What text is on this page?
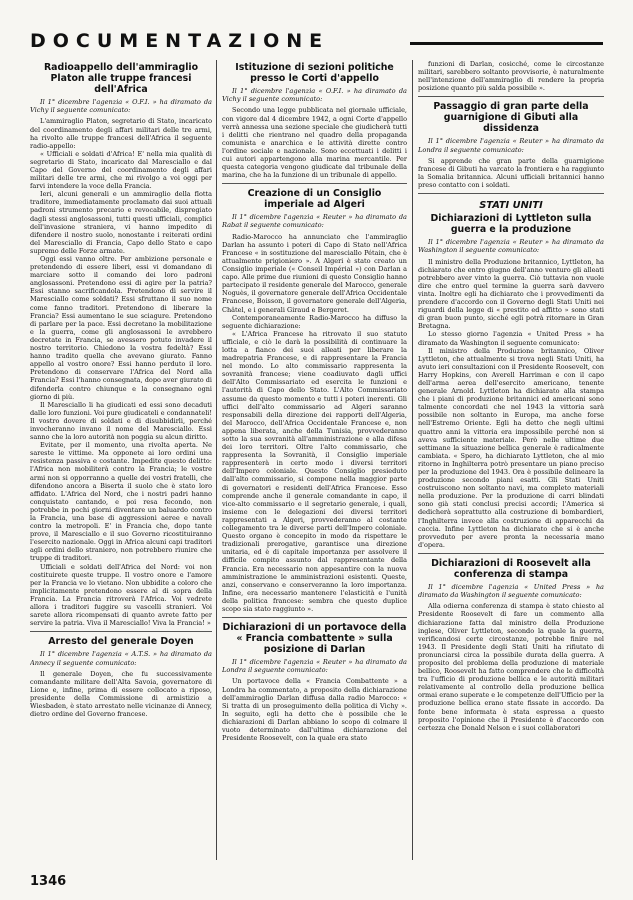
DOCUMENTAZIONE
Radioappello dell'ammiraglio Platon alle truppe francesi dell'Africa
Il 1° dicembre l'agenzia « O.F.I. » ha diramato da Vichy il seguente comunicato:

L'ammiraglio Platon, segretario di Stato, incaricato del coordinamento degli affari militari delle tre armi, ha rivolto alle truppe francesi dell'Africa il seguente radio-appello:

« Ufficiali e soldati d'Africa! E' nella mia qualità di segretario di Stato, incaricato dal Maresciallo e dal Capo del Governo del coordinamento degli affari militari delle tre armi, che mi rivolgo a voi oggi per farvi intendere la voce della Francia.

Ieri, alcuni generali e un ammiraglio della flotta traditore, immediatamente proclamato dai suoi attuali padroni strumento precario e revocabile, dispregiato dagli stessi anglosassoni, tutti questi ufficiali, complici dell'invasione straniera, vi hanno impedito di difendere il nostro suolo, nonostante i reiterati ordini del Maresciallo di Francia, Capo dello Stato e capo supremo delle Forze armate.

Oggi essi vanno oltre. Per ambizione personale e pretendendo di essere liberi, essi vi domandano di marciare sotto il comando dei loro padroni anglosassoni. Pretendono essi di agire per la patria? Essi stanno sacrificandola. Pretendono di servire il Maresciallo come soldati? Essi sfruttano il suo nome come fanno traditori. Pretendono di liberare la Francia? Essi aumentano le sue sciagure. Pretendono di parlare per la pace. Essi decretano la mobilitazione e la guerra, come gli anglosassoni le avrebbero decretate in Francia, se avessero potuto invadere il nostro territorio. Chiedono la vostra fedeltà? Essi hanno tradito quella che avevano giurato. Fanno appello al vostro onore? Essi hanno perduto il loro. Pretendono di conservare l'Africa del Nord alla Francia? Essi l'hanno consegnata, dopo aver giurato di difenderla contro chiunque e la consegnano ogni giorno di più.

Il Maresciallo li ha giudicati ed essi sono decaduti dalle loro funzioni. Voi pure giudicateli e condannateli! Il vostro dovere di soldati e di disubbidirli, perché invocheranno invano il nome del Maresciallo. Essi sanno che la loro autorità non poggia su alcun diritto.

Evitate, per il momento, una rivolta aperta. Ne sareste le vittime. Ma opponete ai loro ordini una resistenza passiva e costante. Impedite questo delitto: l'Africa non mobiliterà contro la Francia; le vostre armi non si opporranno a quelle dei vostri fratelli, che difendono ancora a Biserta il suolo che è stato loro affidato. L'Africa del Nord, che i nostri padri hanno conquistato cantando, e poi resa fecondo, non potrebbe in pochi giorni diventare un baluardo contro la Francia, una base di aggressioni aeree e navali contro la metropoli. E' in Francia che, dopo tante prove, il Maresciallo e il suo Governo ricostituiranno l'esercito nazionale. Oggi in Africa alcuni capi traditori agli ordini dello straniero, non potrebbero riunire che truppe di traditori.

Ufficiali e soldati dell'Africa del Nord: voi non costituirete queste truppe. Il vostro onore e l'amore per la Francia ve lo vietano. Non ubbidite a coloro che implicitamente pretendono essere al di sopra della Francia. La Francia ritroverà l'Africa. Voi vedrete allora i traditori fuggire su vascelli stranieri. Voi sarete allora ricompensati di quanto avrete fatto per servire la patria. Viva il Maresciallo! Viva la Francia! »

Arresto del generale Doyen
Il 1° dicembre l'agenzia « A.T.S. » ha diramato da Annecy il seguente comunicato:

Il generale Doyen, che fu successivamente comandante militare dell'Alta Savoia, governatore di Lione e, infine, prima di essere collocato a riposo, presidente della Commissione di armistizio a Wiesbaden, è stato arrestato nelle vicinanze di Annecy, dietro ordine del Governo francese.

Istituzione di sezioni politiche presso le Corti d'appello
Il 1° dicembre l'agenzia « O.F.I. » ha diramato da Vichy il seguente comunicato:

Secondo una legge pubblicata nel giornale ufficiale, con vigore dal 4 dicembre 1942, a ogni Corte d'appello verrà annessa una sezione speciale che giudicherà tutti i delitti che rientrano nel quadro della propaganda comunista e anarchica e le attività dirette contro l'ordine sociale e nazionale. Sono eccettuati i delitti i cui autori appartengono alla marina mercantile. Per questa categoria vengono giudicate dal tribunale della marina, che ha la funzione di un tribunale di appello.

Creazione di un Consiglio imperiale ad Algeri
Il 1° dicembre l'agenzia « Reuter » ha diramato da Rabat il seguente comunicato:

Radio-Marocco ha annunciato che l'ammiraglio Darlan ha assunto i poteri di Capo di Stato nell'Africa Francese « in sostituzione del maresciallo Pétain, che è attualmente prigioniero ». A Algeri è stato creato un Consiglio imperiale (« Conseil Impérial ») con Darlan a capo. Alle prime due riunioni di questo Consiglio hanno partecipato il residente generale del Marocco, generale Noguès, il governatore generale dell'Africa Occidentale Francese, Boisson, il governatore generale dell'Algeria, Châtel, e i generali Giraud e Bergeret.

Contemporaneamente Radio-Marocco ha diffuso la seguente dichiarazione:

« L'Africa Francese ha ritrovato il suo statuto ufficiale, e ciò le darà la possibilità di continuare la lotta a fianco dei suoi alleati per liberare la madrepatria Francese, e di rappresentare la Francia nel mondo. Lo alto commissario rappresenta la sovranità francese; viene coadiuvato dagli uffici dell'Alto Commissariato ed esercita le funzioni e l'autorità di Capo dello Stato. L'Alto Commissariato assume da questo momento e tutti i poteri inerenti. Gli uffici dell'alto commissario ad Algeri saranno responsabili della direzione dei rapporti dell'Algeria, del Marocco, dell'Africa Occidentale Francese e, non appena liberata, anche della Tunisia, provvederanno sotto la sua sovranità all'amministrazione e alla difesa dei loro territori. Oltre l'alto commissario, che rappresenta la Sovranità, il Consiglio imperiale rappresenterà in certo modo i diversi territori dell'Impero coloniale. Questo Consiglio presieduto dall'alto commissario, si compone nella maggior parte di governatori e residenti dell'Africa Francese. Esso comprende anche il generale comandante in capo, il vice-alto commissario e il segretario generale, i quali, insieme con le delegazioni dei diversi territori rappresentati a Algeri, provvederanno al costante collegamento tra le diverse parti dell'Impero coloniale. Questo organo è concepito in modo da rispettare le tradizionali prerogative, garantisce una direzione unitaria, ed è di capitale importanza per assolvere il difficile compito assunto dal rappresentante della Francia. Era necessario non appesantire con la nuova amministrazione le amministrazioni esistenti. Queste, anzi, conservano e conserveranno la loro importanza. Infine, era necessario mantenere l'elasticità e l'unità della politica francese: sembra che questo duplice scopo sia stato raggiunto ».

Dichiarazioni di un portavoce della « Francia combattente » sulla posizione di Darlan
Il 1° dicembre l'agenzia « Reuter » ha diramato da Londra il seguente comunicato:

Un portavoce della « Francia Combattente » a Londra ha commentato, a proposito della dichiarazione dell'ammiraglio Darlan diffusa dalla radio Marocco: « Si tratta di un proseguimento della politica di Vichy ». In seguito, egli ha detto che è possibile che le dichiarazioni di Darlan abbiano lo scopo di colmare il vuoto determinato dall'ultima dichiarazione del Presidente Roosevelt, con la quale era stato

funzioni di Darlan, cosicché, come le circostanze militari, sarebbero soltanto provvisorie, è naturalmente nell'intenzione dell'ammiraglio di rendere la propria posizione quanto più salda possibile ».

Passaggio di gran parte della guarnigione di Gibuti alla dissidenza
Il 1° dicembre l'agenzia « Reuter » ha diramato da Londra il seguente comunicato:

Si apprende che gran parte della guarnigione francese di Gibuti ha varcato la frontiera e ha raggiunto la Somalia britannica. Alcuni ufficiali britannici hanno preso contatto con i soldati.

STATI UNITI
Dichiarazioni di Lyttleton sulla guerra e la produzione
Il 1° dicembre l'agenzia « Reuter » ha diramato da Washington il seguente comunicato:

Il ministro della Produzione britannico, Lyttleton, ha dichiarato che entro giugno dell'anno venturo gli alleati potrebbero aver vinto la guerra. Ciò tuttavia non vuole dire che entro quel termine la guerra sarà davvero vinta. Inoltre egli ha dichiarato che i provvedimenti da prendere d'accordo con il Governo degli Stati Uniti nei riguardi della legge di « prestito ed affitto » sono stati di gran buon punto, sicché egli potrà ritornare in Gran Bretagna.

Lo stesso giorno l'agenzia « United Press » ha diramato da Washington il seguente comunicato:

Il ministro della Produzione britannico, Oliver Lyttleton, che attualmente si trova negli Stati Uniti, ha avuto ieri consultazioni con il Presidente Roosevelt, con Harry Hopkins, con Averell Harriman e con il capo dell'arma aerea dell'esercito americano, tenente generale Arnold. Lyttleton ha dichiarato alla stampa che i piani di produzione britannici ed americani sono talmente concordati che nel 1943 la vittoria sarà possibile non soltanto in Europa, ma anche forse nell'Estremo Oriente. Egli ha detto che negli ultimi quattro anni la vittoria era impossibile perché non si aveva sufficiente materiale. Però nelle ultime due settimane la situazione bellica generale è radicalmente cambiata. « Spero, ha dichiarato Lyttleton, che al mio ritorno in Inghilterra potrò presentare un piano preciso per la produzione del 1943. Ora è possibile delineare la produzione secondo piani esatti. Gli Stati Uniti costruiscono non soltanto navi, ma completo materiali nella produzione. Per la produzione di carri blindati sono già stati conclusi precisi accordi; l'America si dedicherà soprattutto alla costruzione di bombardieri, l'Inghilterra invece alla costruzione di apparecchi da caccia. Infine Lyttleton ha dichiarato che si è anche provveduto per avere pronta la necessaria mano d'opera.

Dichiarazioni di Roosevelt alla conferenza di stampa
Il 1° dicembre l'agenzia « United Press » ha diramato da Washington il seguente comunicato:

Alla odierna conferenza di stampa è stato chiesto al Presidente Roosevelt di fare un commento alla dichiarazione fatta dal ministro della Produzione inglese, Oliver Lyttleton, secondo la quale la guerra, verificandosi certe circostanze, potrebbe finire nel 1943. Il Presidente degli Stati Uniti ha rifiutato di pronunciarsi circa la possibile durata della guerra. A proposito del problema della produzione di materiale bellico, Roosevelt ha fatto comprendere che le difficoltà tra l'ufficio di produzione bellica e le autorità militari relativamente al controllo della produzione bellica ormai erano superate e le competenze dell'Ufficio per la produzione bellica erano state fissate in accordo. Da fonte bene informata è stata espressa a questo proposito l'opinione che il Presidente è d'accordo con certezza che Donald Nelson e i suoi collaboratori

1346
